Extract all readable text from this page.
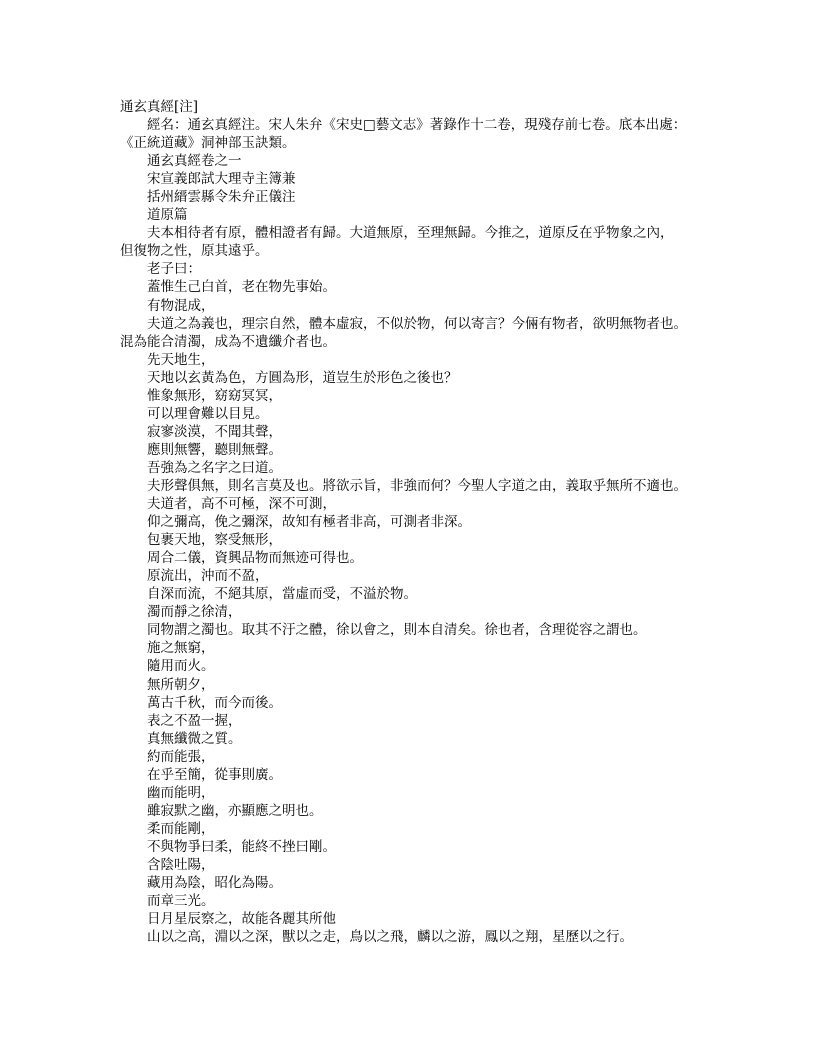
通玄真經[注]

經名：通玄真經注。宋人朱弁《宋史□藝文志》著錄作十二卷，現殘存前七卷。底本出處：

《正統道藏》洞神部玉訣類。

通玄真經卷之一

宋宣義郎試大理寺主簿兼

括州縉雲縣令朱弁正儀注

道原篇

夫本相待者有原，體相證者有歸。大道無原，至理無歸。今推之，道原反在乎物象之內，

但復物之性，原其遠乎。

老子曰：

蓋惟生己白首，老在物先事始。

有物混成，

夫道之為義也，理宗自然，體本虛寂，不似於物，何以寄言？今倆有物者，欲明無物者也。

混為能合清濁，成為不遺纖介者也。

先天地生，

天地以玄黃為色，方圓為形，道豈生於形色之後也？

惟象無形，窈窈冥冥，

可以理會難以目見。

寂寥淡漠，不聞其聲，

應則無響，聽則無聲。

吾強為之名字之曰道。

夫形聲俱無，則名言莫及也。將欲示旨，非強而何？今聖人字道之由，義取乎無所不適也。

夫道者，高不可極，深不可測，

仰之彌高，俛之彌深，故知有極者非高，可測者非深。

包裹天地，察受無形，

周合二儀，資興品物而無迹可得也。

原流出，沖而不盈，

自深而流，不絕其原，當虛而受，不溢於物。

濁而靜之徐清，

同物謂之濁也。取其不汙之體，徐以會之，則本自清矣。徐也者，含理從容之謂也。

施之無窮，

隨用而火。

無所朝夕，

萬古千秋，而今而後。

表之不盈一握，

真無纖微之質。

約而能張，

在乎至簡，從事則廣。

幽而能明，

雖寂默之幽，亦顯應之明也。

柔而能剛，

不與物爭曰柔，能終不挫曰剛。

含陰吐陽，

藏用為陰，昭化為陽。

而章三光。

日月星辰察之，故能各麗其所他

山以之高，淵以之深，獸以之走，鳥以之飛，麟以之游，鳳以之翔，星歷以之行。
